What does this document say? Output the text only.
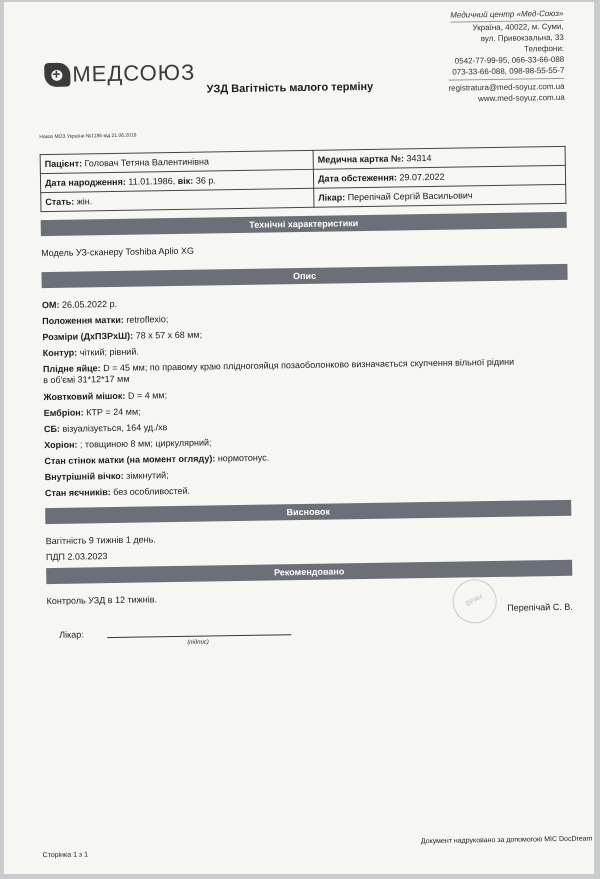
Медичний центр «Мед-Союз»
Україна, 40022, м. Суми,
вул. Привокзальна, 33
Телефони:
0542-77-99-95, 066-33-66-088
073-33-66-088, 098-98-55-55-7
registratura@med-soyuz.com.ua
www.med-soyuz.com.ua
+
МЕДСОЮЗ
УЗД Вагітність малого терміну
Наказ МОЗ України №1186 від 21.06.2018
Пацієнт: Головач Тетяна Валентинівна	Медична картка №: 34314
Дата народження: 11.01.1986, вік: 36 р.	Дата обстеження: 29.07.2022
Стать: жін.	Лікар: Перепічай Сергій Васильович
Технічні характеристики
Модель УЗ-сканеру Toshiba Aplio XG
Опис
ОМ: 26.05.2022 р.
Положення матки: retroflexio;
Розміри (ДхПЗРхШ): 78 х 57 х 68 мм;
Контур: чіткий; рівний.
Плідне яйце: D = 45 мм; по правому краю плідногояйця позаоболонково визначається скупчення вільної рідини
в об'ємі 31*12*17 мм
Жовтковий мішок: D = 4 мм;
Ембріон: КТР = 24 мм;
СБ: візуалізується, 164 уд./хв
Хоріон: ; товщиною 8 мм; циркулярний;
Стан стінок матки (на момент огляду): нормотонус.
Внутрішній вічко: зімкнутий;
Стан яєчників: без особливостей.
Висновок
Вагітність 9 тижнів 1 день.
ПДП 2.03.2023
Рекомендовано
Контроль УЗД в 12 тижнів.	ВРАЧ	Перепічай С. В.
Лікар:
(підпис)
Сторінка 1 з 1
Документ надруковано за допомогою МІС DocDream
